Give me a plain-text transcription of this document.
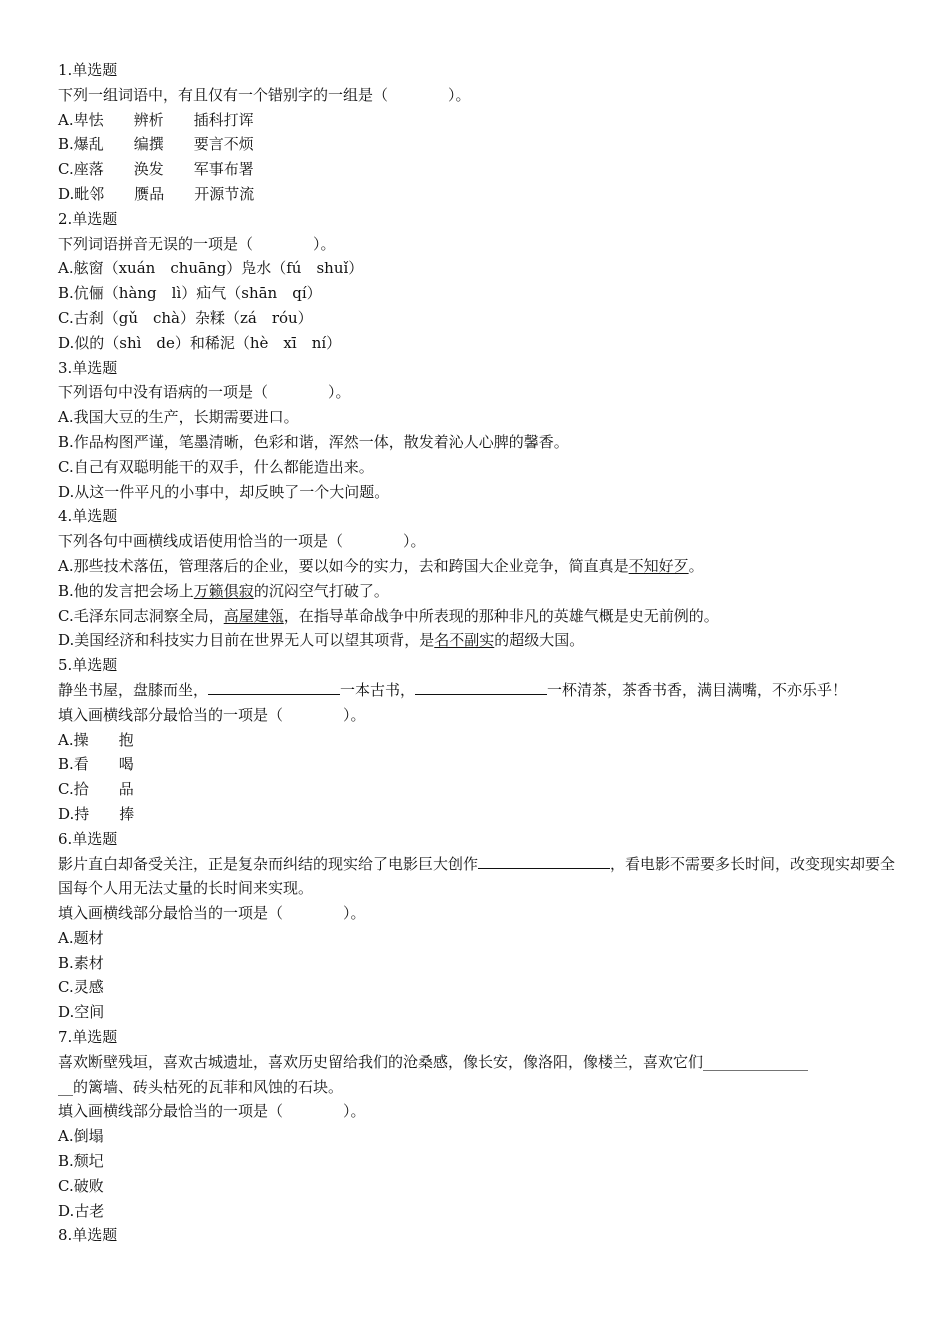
1.单选题
下列一组词语中，有且仅有一个错别字的一组是（　　　　）。
A.卑怯　　辨析　　插科打诨
B.爆乱　　编撰　　要言不烦
C.座落　　涣发　　军事布署
D.毗邻　　赝品　　开源节流
2.单选题
下列词语拼音无误的一项是（　　　　）。
A.舷窗（xuán　chuāng）凫水（fú　shuǐ）
B.伉俪（hàng　lì）疝气（shān　qí）
C.古刹（gǔ　chà）杂糅（zá　róu）
D.似的（shì　de）和稀泥（hè　xī　ní）
3.单选题
下列语句中没有语病的一项是（　　　　）。
A.我国大豆的生产，长期需要进口。
B.作品构图严谨，笔墨清晰，色彩和谐，浑然一体，散发着沁人心脾的馨香。
C.自己有双聪明能干的双手，什么都能造出来。
D.从这一件平凡的小事中，却反映了一个大问题。
4.单选题
下列各句中画横线成语使用恰当的一项是（　　　　）。
A.那些技术落伍，管理落后的企业，要以如今的实力，去和跨国大企业竞争，简直真是不知好歹。
B.他的发言把会场上万籁俱寂的沉闷空气打破了。
C.毛泽东同志洞察全局，高屋建瓴，在指导革命战争中所表现的那种非凡的英雄气概是史无前例的。
D.美国经济和科技实力目前在世界无人可以望其项背，是名不副实的超级大国。
5.单选题
静坐书屋，盘膝而坐，	一本古书，	一杯清茶，茶香书香，满目满嘴，不亦乐乎！
填入画横线部分最恰当的一项是（　　　　）。
A.操　　抱
B.看　　喝
C.拾　　品
D.持　　捧
6.单选题
影片直白却备受关注，正是复杂而纠结的现实给了电影巨大创作	，看电影不需要多长时间，改变现实却要全国每个人用无法丈量的长时间来实现。
填入画横线部分最恰当的一项是（　　　　）。
A.题材
B.素材
C.灵感
D.空间
7.单选题
喜欢断壁残垣，喜欢古城遗址，喜欢历史留给我们的沧桑感，像长安，像洛阳，像楼兰，喜欢它们______________
__的篱墙、砖头枯死的瓦菲和风蚀的石块。
填入画横线部分最恰当的一项是（　　　　）。
A.倒塌
B.颓圮
C.破败
D.古老
8.单选题
